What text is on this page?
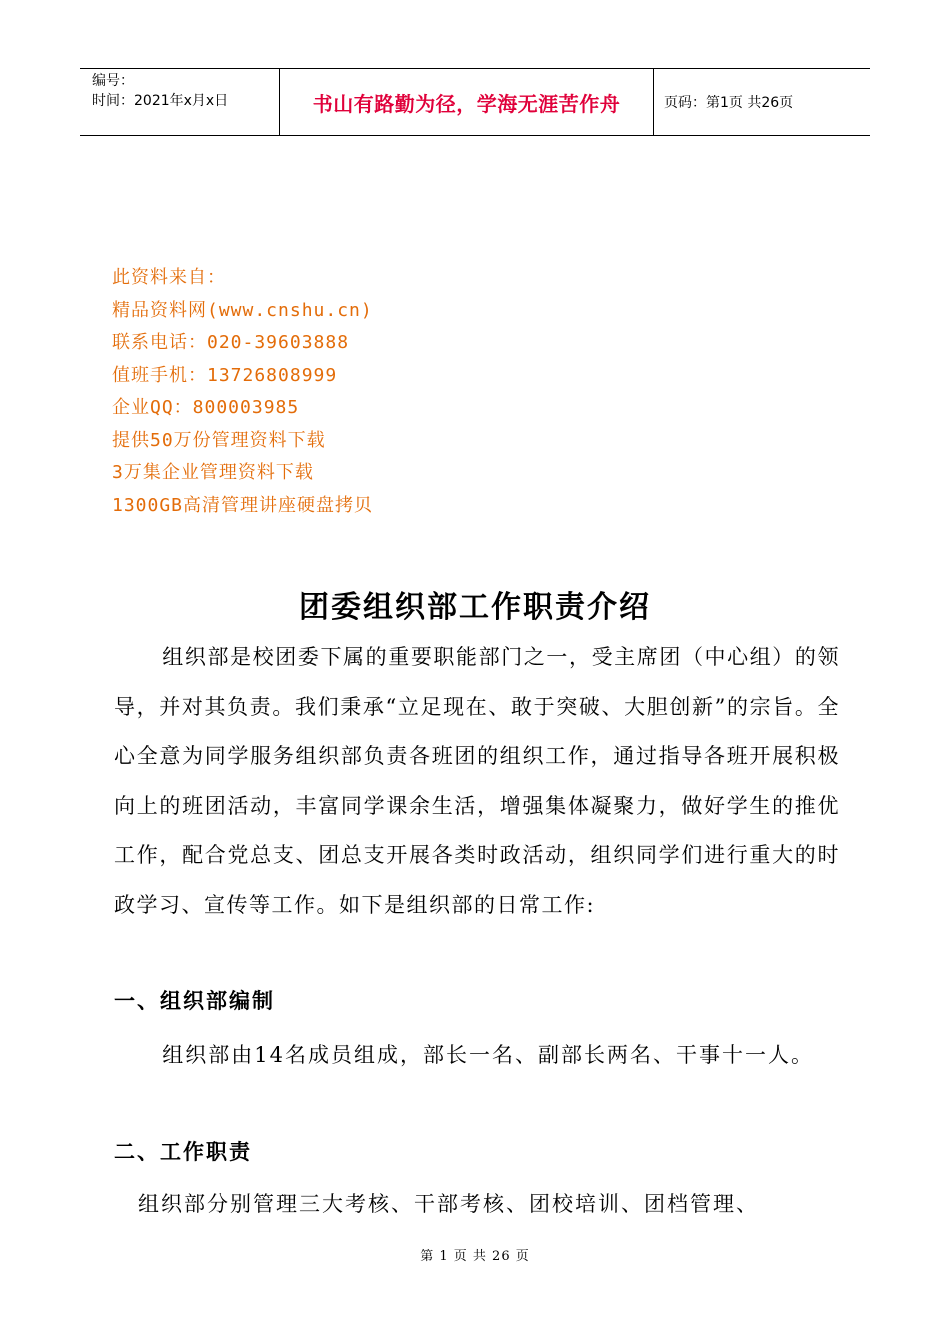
编号：
时间：2021年x月x日	书山有路勤为径，学海无涯苦作舟	页码：第1页 共26页
此资料来自：
精品资料网(www.cnshu.cn)
联系电话：020-39603888
值班手机：13726808999
企业QQ：800003985
提供50万份管理资料下载
3万集企业管理资料下载
1300GB高清管理讲座硬盘拷贝
团委组织部工作职责介绍

组织部是校团委下属的重要职能部门之一，受主席团（中心组）的领导，并对其负责。我们秉承“立足现在、敢于突破、大胆创新”的宗旨。全心全意为同学服务组织部负责各班团的组织工作，通过指导各班开展积极向上的班团活动，丰富同学课余生活，增强集体凝聚力，做好学生的推优工作，配合党总支、团总支开展各类时政活动，组织同学们进行重大的时政学习、宣传等工作。如下是组织部的日常工作:

一、组织部编制
组织部由14名成员组成，部长一名、副部长两名、干事十一人。
二、工作职责
组织部分别管理三大考核、干部考核、团校培训、团档管理、
第 1 页 共 26 页
